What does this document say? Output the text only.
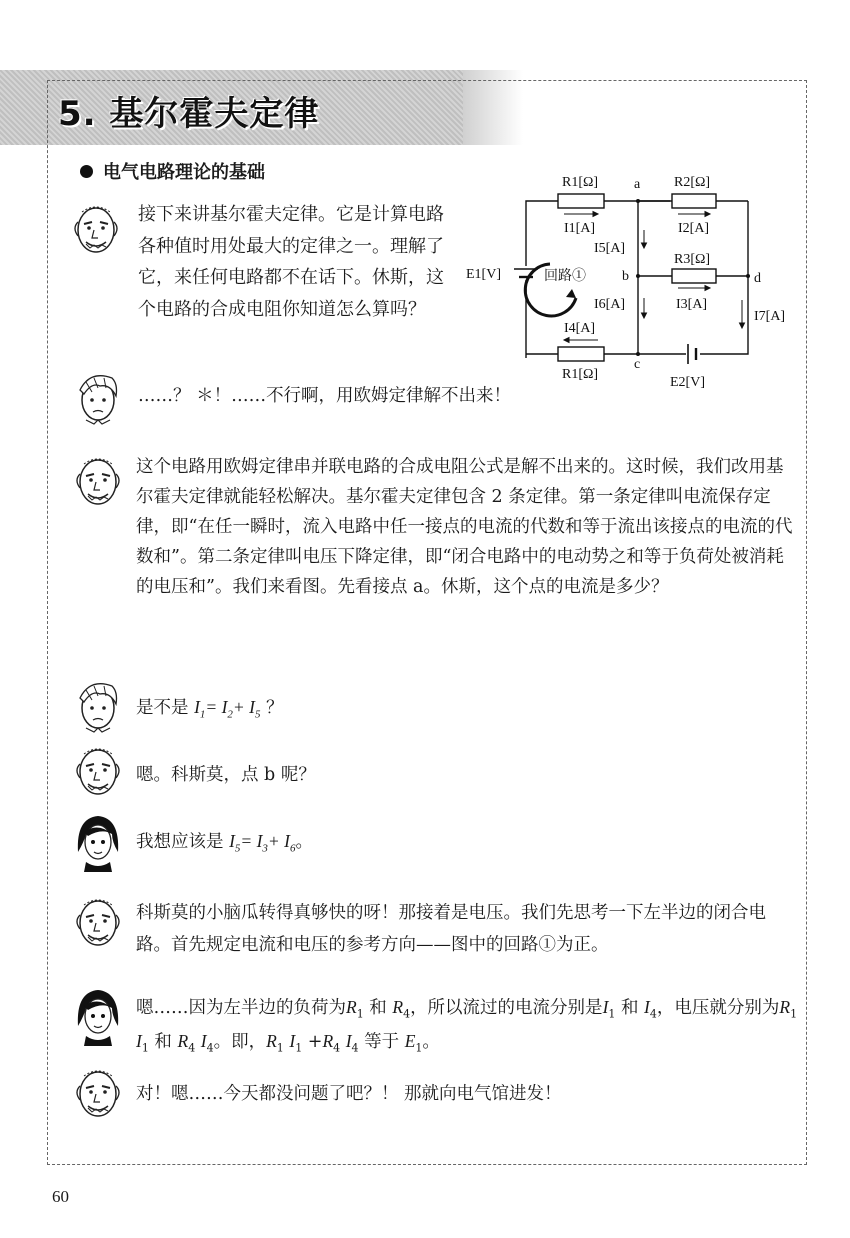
5. 基尔霍夫定律
电气电路理论的基础

接下来讲基尔霍夫定律。它是计算电路各种值时用处最大的定律之一。理解了它，来任何电路都不在话下。休斯，这个电路的合成电阻你知道怎么算吗？

R1[Ω]	a R2[Ω]
I1[A]	I2[A]
I5[A]
R3[Ω]
E1[V]	回路①	b	d
I6[A]	I3[A]
I7[A]
I4[A]
c
R1[Ω]
E2[V]

……？ ＊！……不行啊，用欧姆定律解不出来！

这个电路用欧姆定律串并联电路的合成电阻公式是解不出来的。这时候，我们改用基尔霍夫定律就能轻松解决。基尔霍夫定律包含 2 条定律。第一条定律叫电流保存定律，即“在任一瞬时，流入电路中任一接点的电流的代数和等于流出该接点的电流的代数和”。第二条定律叫电压下降定律，即“闭合电路中的电动势之和等于负荷处被消耗的电压和”。我们来看图。先看接点 a。休斯，这个点的电流是多少？

是不是 $I_1= I_2+ I_5$ ？

嗯。科斯莫，点 b 呢？

我想应该是 $I_5= I_3+ I_6$。

科斯莫的小脑瓜转得真够快的呀！那接着是电压。我们先思考一下左半边的闭合电路。首先规定电流和电压的参考方向——图中的回路①为正。

嗯……因为左半边的负荷为$R_1$ 和 $R_4$，所以流过的电流分别是$I_1$ 和 $I_4$，电压就分别为$R_1$ $I_1$ 和 $R_4$ $I_4$。即，$R_1$ $I_1 +R_4$ $I_4$ 等于 $E_1$。

对！嗯……今天都没问题了吧？！ 那就向电气馆进发！

60
